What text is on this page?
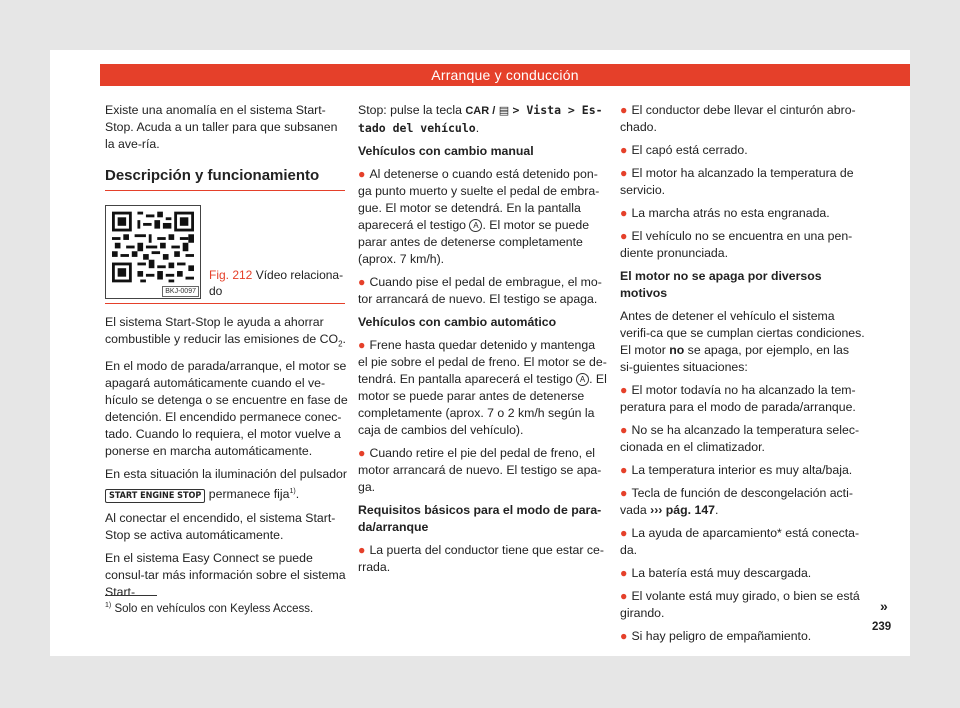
Arranque y conducción

Existe una anomalía en el sistema Start-Stop. Acuda a un taller para que subsanen la ave-ría.

Descripción y funcionamiento
BKJ-0097
Fig. 212 Vídeo relaciona-do

El sistema Start-Stop le ayuda a ahorrar combustible y reducir las emisiones de $CO_2$.

En el modo de parada/arranque, el motor se apagará automáticamente cuando el ve-hículo se detenga o se encuentre en fase de detención. El encendido permanece conec-tado. Cuando lo requiera, el motor vuelve a ponerse en marcha automáticamente.

En esta situación la iluminación del pulsador
START ENGINE STOP permanece fija$^{1)}$.

Al conectar el encendido, el sistema Start-Stop se activa automáticamente.

En el sistema Easy Connect se puede consul-tar más información sobre el sistema Start-

Stop: pulse la tecla CAR / ▤ > Vista > Es-tado del vehículo.

Vehículos con cambio manual

● Al detenerse o cuando está detenido pon-ga punto muerto y suelte el pedal de embra-gue. El motor se detendrá. En la pantalla aparecerá el testigo A . El motor se puede parar antes de detenerse completamente (aprox. 7 km/h).

● Cuando pise el pedal de embrague, el mo-tor arrancará de nuevo. El testigo se apaga.

Vehículos con cambio automático

● Frene hasta quedar detenido y mantenga el pie sobre el pedal de freno. El motor se de-tendrá. En pantalla aparecerá el testigo A . El motor se puede parar antes de detenerse completamente (aprox. 7 o 2 km/h según la caja de cambios del vehículo).

● Cuando retire el pie del pedal de freno, el motor arrancará de nuevo. El testigo se apa-ga.

Requisitos básicos para el modo de para-da/arranque

● La puerta del conductor tiene que estar ce-rrada.

● El conductor debe llevar el cinturón abro-chado.

● El capó está cerrado.

● El motor ha alcanzado la temperatura de servicio.

● La marcha atrás no esta engranada.

● El vehículo no se encuentra en una pen-diente pronunciada.

El motor no se apaga por diversos motivos

Antes de detener el vehículo el sistema verifi-ca que se cumplan ciertas condiciones. El motor no se apaga, por ejemplo, en las si-guientes situaciones:

● El motor todavía no ha alcanzado la tem-peratura para el modo de parada/arranque.

● No se ha alcanzado la temperatura selec-cionada en el climatizador.

● La temperatura interior es muy alta/baja.

● Tecla de función de descongelación acti-vada ››› pág. 147.

● La ayuda de aparcamiento* está conecta-da.

● La batería está muy descargada.

● El volante está muy girado, o bien se está girando.

● Si hay peligro de empañamiento.

»
$^{1)}$ Solo en vehículos con Keyless Access.
239
